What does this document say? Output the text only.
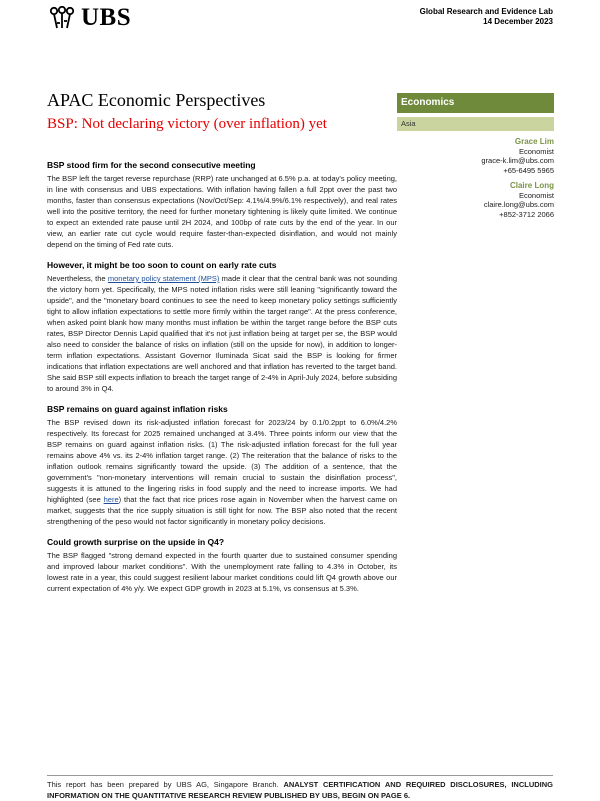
UBS	Global Research and Evidence Lab
14 December 2023
APAC Economic Perspectives
BSP: Not declaring victory (over inflation) yet
Economics
Asia
Grace Lim
Economist
grace-k.lim@ubs.com
+65-6495 5965
Claire Long
Economist
claire.long@ubs.com
+852-3712 2066
BSP stood firm for the second consecutive meeting

The BSP left the target reverse repurchase (RRP) rate unchanged at 6.5% p.a. at today's policy meeting, in line with consensus and UBS expectations. With inflation having fallen a full 2ppt over the past two months, faster than consensus expectations (Nov/Oct/Sep: 4.1%/4.9%/6.1% respectively), and real rates well into the positive territory, the need for further monetary tightening is likely quite limited. We continue to expect an extended rate pause until 2H 2024, and 100bp of rate cuts by the end of the year. In our view, an earlier rate cut cycle would require faster-than-expected disinflation, and would not mainly depend on the timing of Fed rate cuts.

However, it might be too soon to count on early rate cuts

Nevertheless, the monetary policy statement (MPS) made it clear that the central bank was not sounding the victory horn yet. Specifically, the MPS noted inflation risks were still leaning "significantly toward the upside", and the "monetary board continues to see the need to keep monetary policy settings sufficiently tight to allow inflation expectations to settle more firmly within the target range". At the press conference, when asked point blank how many months must inflation be within the target range before the BSP cuts rates, BSP Director Dennis Lapid qualified that it's not just inflation being at target per se, the BSP would also need to consider the balance of risks on inflation (still on the upside for now), in addition to longer-term inflation expectations. Assistant Governor Iluminada Sicat said the BSP is looking for firmer indications that inflation expectations are well anchored and that inflation has reverted to the target band. She said BSP still expects inflation to breach the target range of 2-4% in April-July 2024, before subsiding to around 3% in Q4.

BSP remains on guard against inflation risks

The BSP revised down its risk-adjusted inflation forecast for 2023/24 by 0.1/0.2ppt to 6.0%/4.2% respectively. Its forecast for 2025 remained unchanged at 3.4%. Three points inform our view that the BSP remains on guard against inflation risks. (1) The risk-adjusted inflation forecast for the full year remains above 4% vs. its 2-4% inflation target range. (2) The reiteration that the balance of risks to the inflation outlook remains significantly toward the upside. (3) The addition of a sentence, that the government's "non-monetary interventions will remain crucial to sustain the disinflation process", suggests it is attuned to the lingering risks in food supply and the need to increase imports. We had highlighted (see here) that the fact that rice prices rose again in November when the harvest came on market, suggests that the rice supply situation is still tight for now. The BSP also noted that the recent strengthening of the peso would not factor significantly in monetary policy decisions.

Could growth surprise on the upside in Q4?

The BSP flagged "strong demand expected in the fourth quarter due to sustained consumer spending and improved labour market conditions". With the unemployment rate falling to 4.3% in October, its lowest rate in a year, this could suggest resilient labour market conditions could lift Q4 growth above our current expectation of 4% y/y. We expect GDP growth in 2023 at 5.1%, vs consensus at 5.3%.

This report has been prepared by UBS AG, Singapore Branch. ANALYST CERTIFICATION AND REQUIRED DISCLOSURES, INCLUDING INFORMATION ON THE QUANTITATIVE RESEARCH REVIEW PUBLISHED BY UBS, BEGIN ON PAGE 6.
